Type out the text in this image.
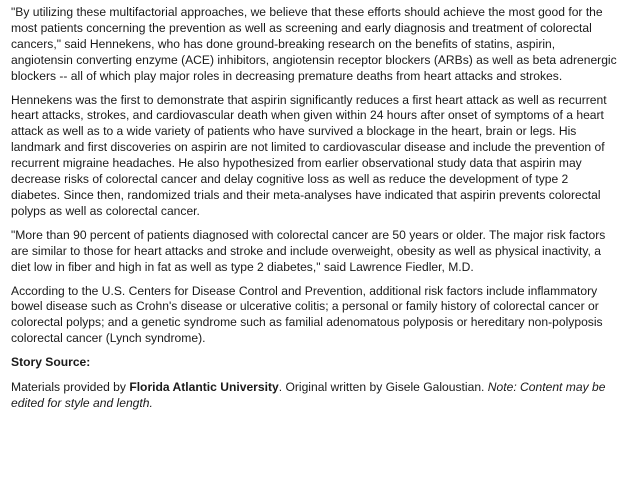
"By utilizing these multifactorial approaches, we believe that these efforts should achieve the most good for the most patients concerning the prevention as well as screening and early diagnosis and treatment of colorectal cancers," said Hennekens, who has done ground-breaking research on the benefits of statins, aspirin, angiotensin converting enzyme (ACE) inhibitors, angiotensin receptor blockers (ARBs) as well as beta adrenergic blockers -- all of which play major roles in decreasing premature deaths from heart attacks and strokes.

Hennekens was the first to demonstrate that aspirin significantly reduces a first heart attack as well as recurrent heart attacks, strokes, and cardiovascular death when given within 24 hours after onset of symptoms of a heart attack as well as to a wide variety of patients who have survived a blockage in the heart, brain or legs. His landmark and first discoveries on aspirin are not limited to cardiovascular disease and include the prevention of recurrent migraine headaches. He also hypothesized from earlier observational study data that aspirin may decrease risks of colorectal cancer and delay cognitive loss as well as reduce the development of type 2 diabetes. Since then, randomized trials and their meta-analyses have indicated that aspirin prevents colorectal polyps as well as colorectal cancer.

"More than 90 percent of patients diagnosed with colorectal cancer are 50 years or older. The major risk factors are similar to those for heart attacks and stroke and include overweight, obesity as well as physical inactivity, a diet low in fiber and high in fat as well as type 2 diabetes," said Lawrence Fiedler, M.D.

According to the U.S. Centers for Disease Control and Prevention, additional risk factors include inflammatory bowel disease such as Crohn's disease or ulcerative colitis; a personal or family history of colorectal cancer or colorectal polyps; and a genetic syndrome such as familial adenomatous polyposis or hereditary non-polyposis colorectal cancer (Lynch syndrome).

Story Source:

Materials provided by Florida Atlantic University. Original written by Gisele Galoustian. Note: Content may be edited for style and length.
